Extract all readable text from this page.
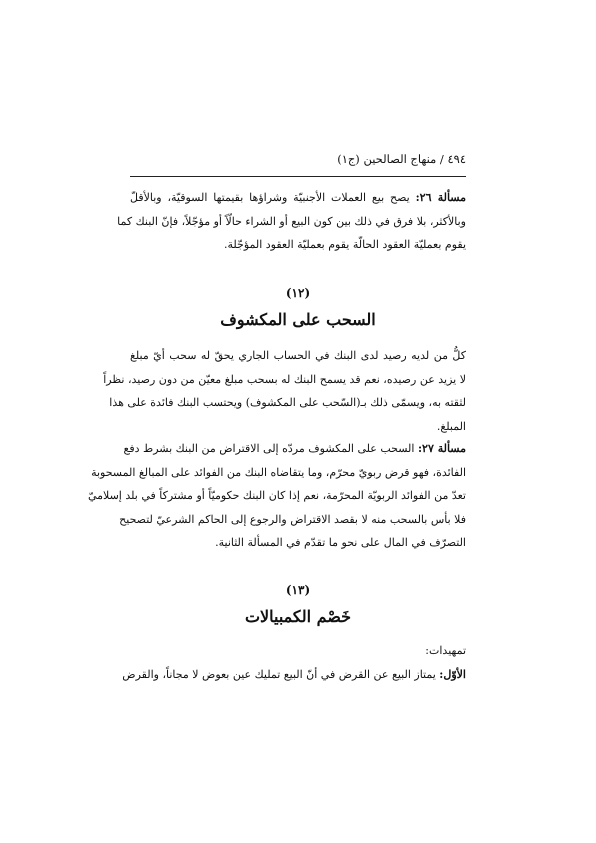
٤٩٤ / منهاج الصالحين (ج١)
مسألة ٢٦: يصح بيع العملات الأجنبيّة وشراؤها بقيمتها السوقيّة، وبالأقلّ
وبالأكثر، بلا فرق في ذلك بين كون البيع أو الشراء حالّاً أو مؤجّلاً، فإنّ البنك كما
يقوم بعمليّة العقود الحالّة يقوم بعمليّة العقود المؤجّلة.
(١٢)
السحب على المكشوف
كلُّ من لديه رصيد لدى البنك في الحساب الجاري يحقّ له سحب أيّ مبلغ
لا يزيد عن رصيده، نعم قد يسمح البنك له بسحب مبلغ معيّن من دون رصيد، نظراً
لثقته به، ويسمّى ذلك بـ(السّحب على المكشوف) ويحتسب البنك فائدة على هذا
المبلغ.
مسألة ٢٧: السحب على المكشوف مردّه إلى الاقتراض من البنك بشرط دفع
الفائدة، فهو قرض ربويّ محرّم، وما يتقاضاه البنك من الفوائد على المبالغ المسحوبة
تعدّ من الفوائد الربويّة المحرّمة، نعم إذا كان البنك حكوميّاً أو مشتركاً في بلد إسلاميّ
فلا بأس بالسحب منه لا بقصد الاقتراض والرجوع إلى الحاكم الشرعيّ لتصحيح
التصرّف في المال على نحو ما تقدّم في المسألة الثانية.
(١٣)
خَصْم الكمبيالات
تمهيدات:
الأوّل: يمتاز البيع عن القرض في أنّ البيع تمليك عين بعوض لا مجاناً، والقرض
